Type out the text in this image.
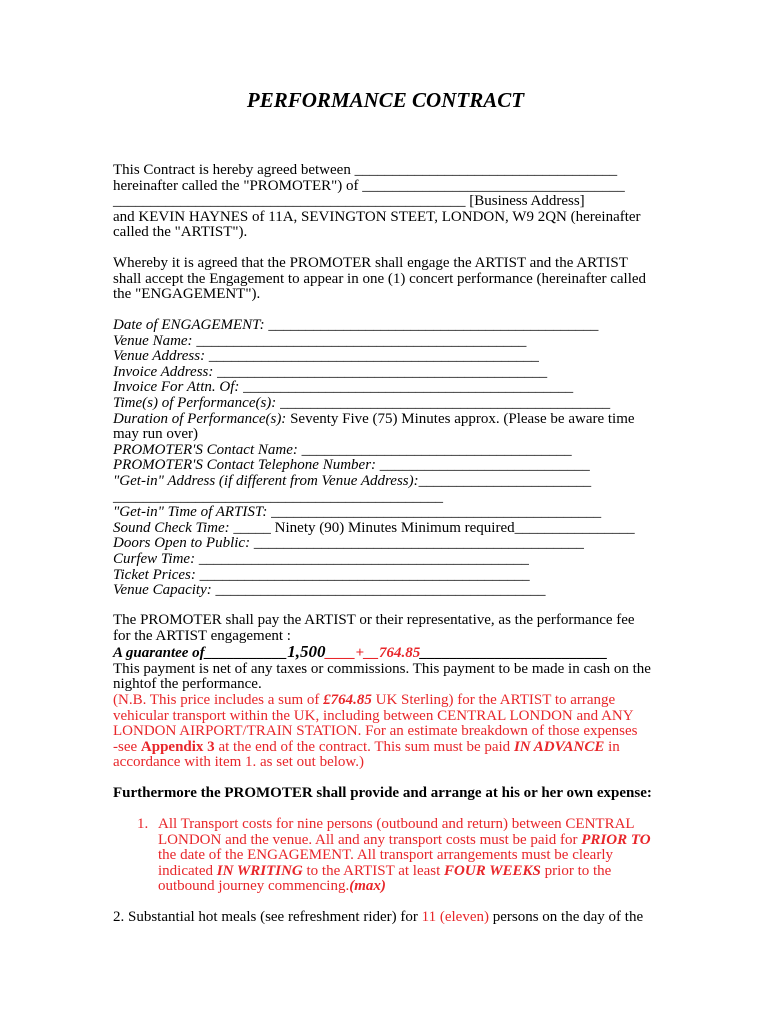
PERFORMANCE CONTRACT
This Contract is hereby agreed between ___________________________________
hereinafter called the "PROMOTER") of ___________________________________
_______________________________________________ [Business Address]
and KEVIN HAYNES of 11A, SEVINGTON STEET, LONDON, W9 2QN (hereinafter
called the "ARTIST").
Whereby it is agreed that the PROMOTER shall engage the ARTIST and the ARTIST
shall accept the Engagement to appear in one (1) concert performance (hereinafter called
the "ENGAGEMENT").
Date of ENGAGEMENT: ____________________________________________
Venue Name: ____________________________________________
Venue Address: ____________________________________________
Invoice Address: ____________________________________________
Invoice For Attn. Of: ____________________________________________
Time(s) of Performance(s): ____________________________________________
Duration of Performance(s): Seventy Five (75) Minutes approx. (Please be aware time
may run over)
PROMOTER'S Contact Name: ____________________________________
PROMOTER'S Contact Telephone Number: ____________________________
"Get-in" Address (if different from Venue Address):_______________________
____________________________________________
"Get-in" Time of ARTIST: ____________________________________________
Sound Check Time: _____ Ninety (90) Minutes Minimum required________________
Doors Open to Public: ____________________________________________
Curfew Time: ____________________________________________
Ticket Prices: ____________________________________________
Venue Capacity: ____________________________________________
The PROMOTER shall pay the ARTIST or their representative, as the performance fee
for the ARTIST engagement :
A guarantee of___________1,500____+__764.85_________________________
This payment is net of any taxes or commissions. This payment to be made in cash on the
nightof the performance.
(N.B. This price includes a sum of £764.85 UK Sterling) for the ARTIST to arrange
vehicular transport within the UK, including between CENTRAL LONDON and ANY
LONDON AIRPORT/TRAIN STATION. For an estimate breakdown of those expenses
-see Appendix 3 at the end of the contract. This sum must be paid IN ADVANCE in
accordance with item 1. as set out below.)
Furthermore the PROMOTER shall provide and arrange at his or her own expense:
1. All Transport costs for nine persons (outbound and return) between CENTRAL
LONDON and the venue. All and any transport costs must be paid for PRIOR TO
the date of the ENGAGEMENT. All transport arrangements must be clearly
indicated IN WRITING to the ARTIST at least FOUR WEEKS prior to the
outbound journey commencing.(max)
2. Substantial hot meals (see refreshment rider) for 11 (eleven) persons on the day of the
